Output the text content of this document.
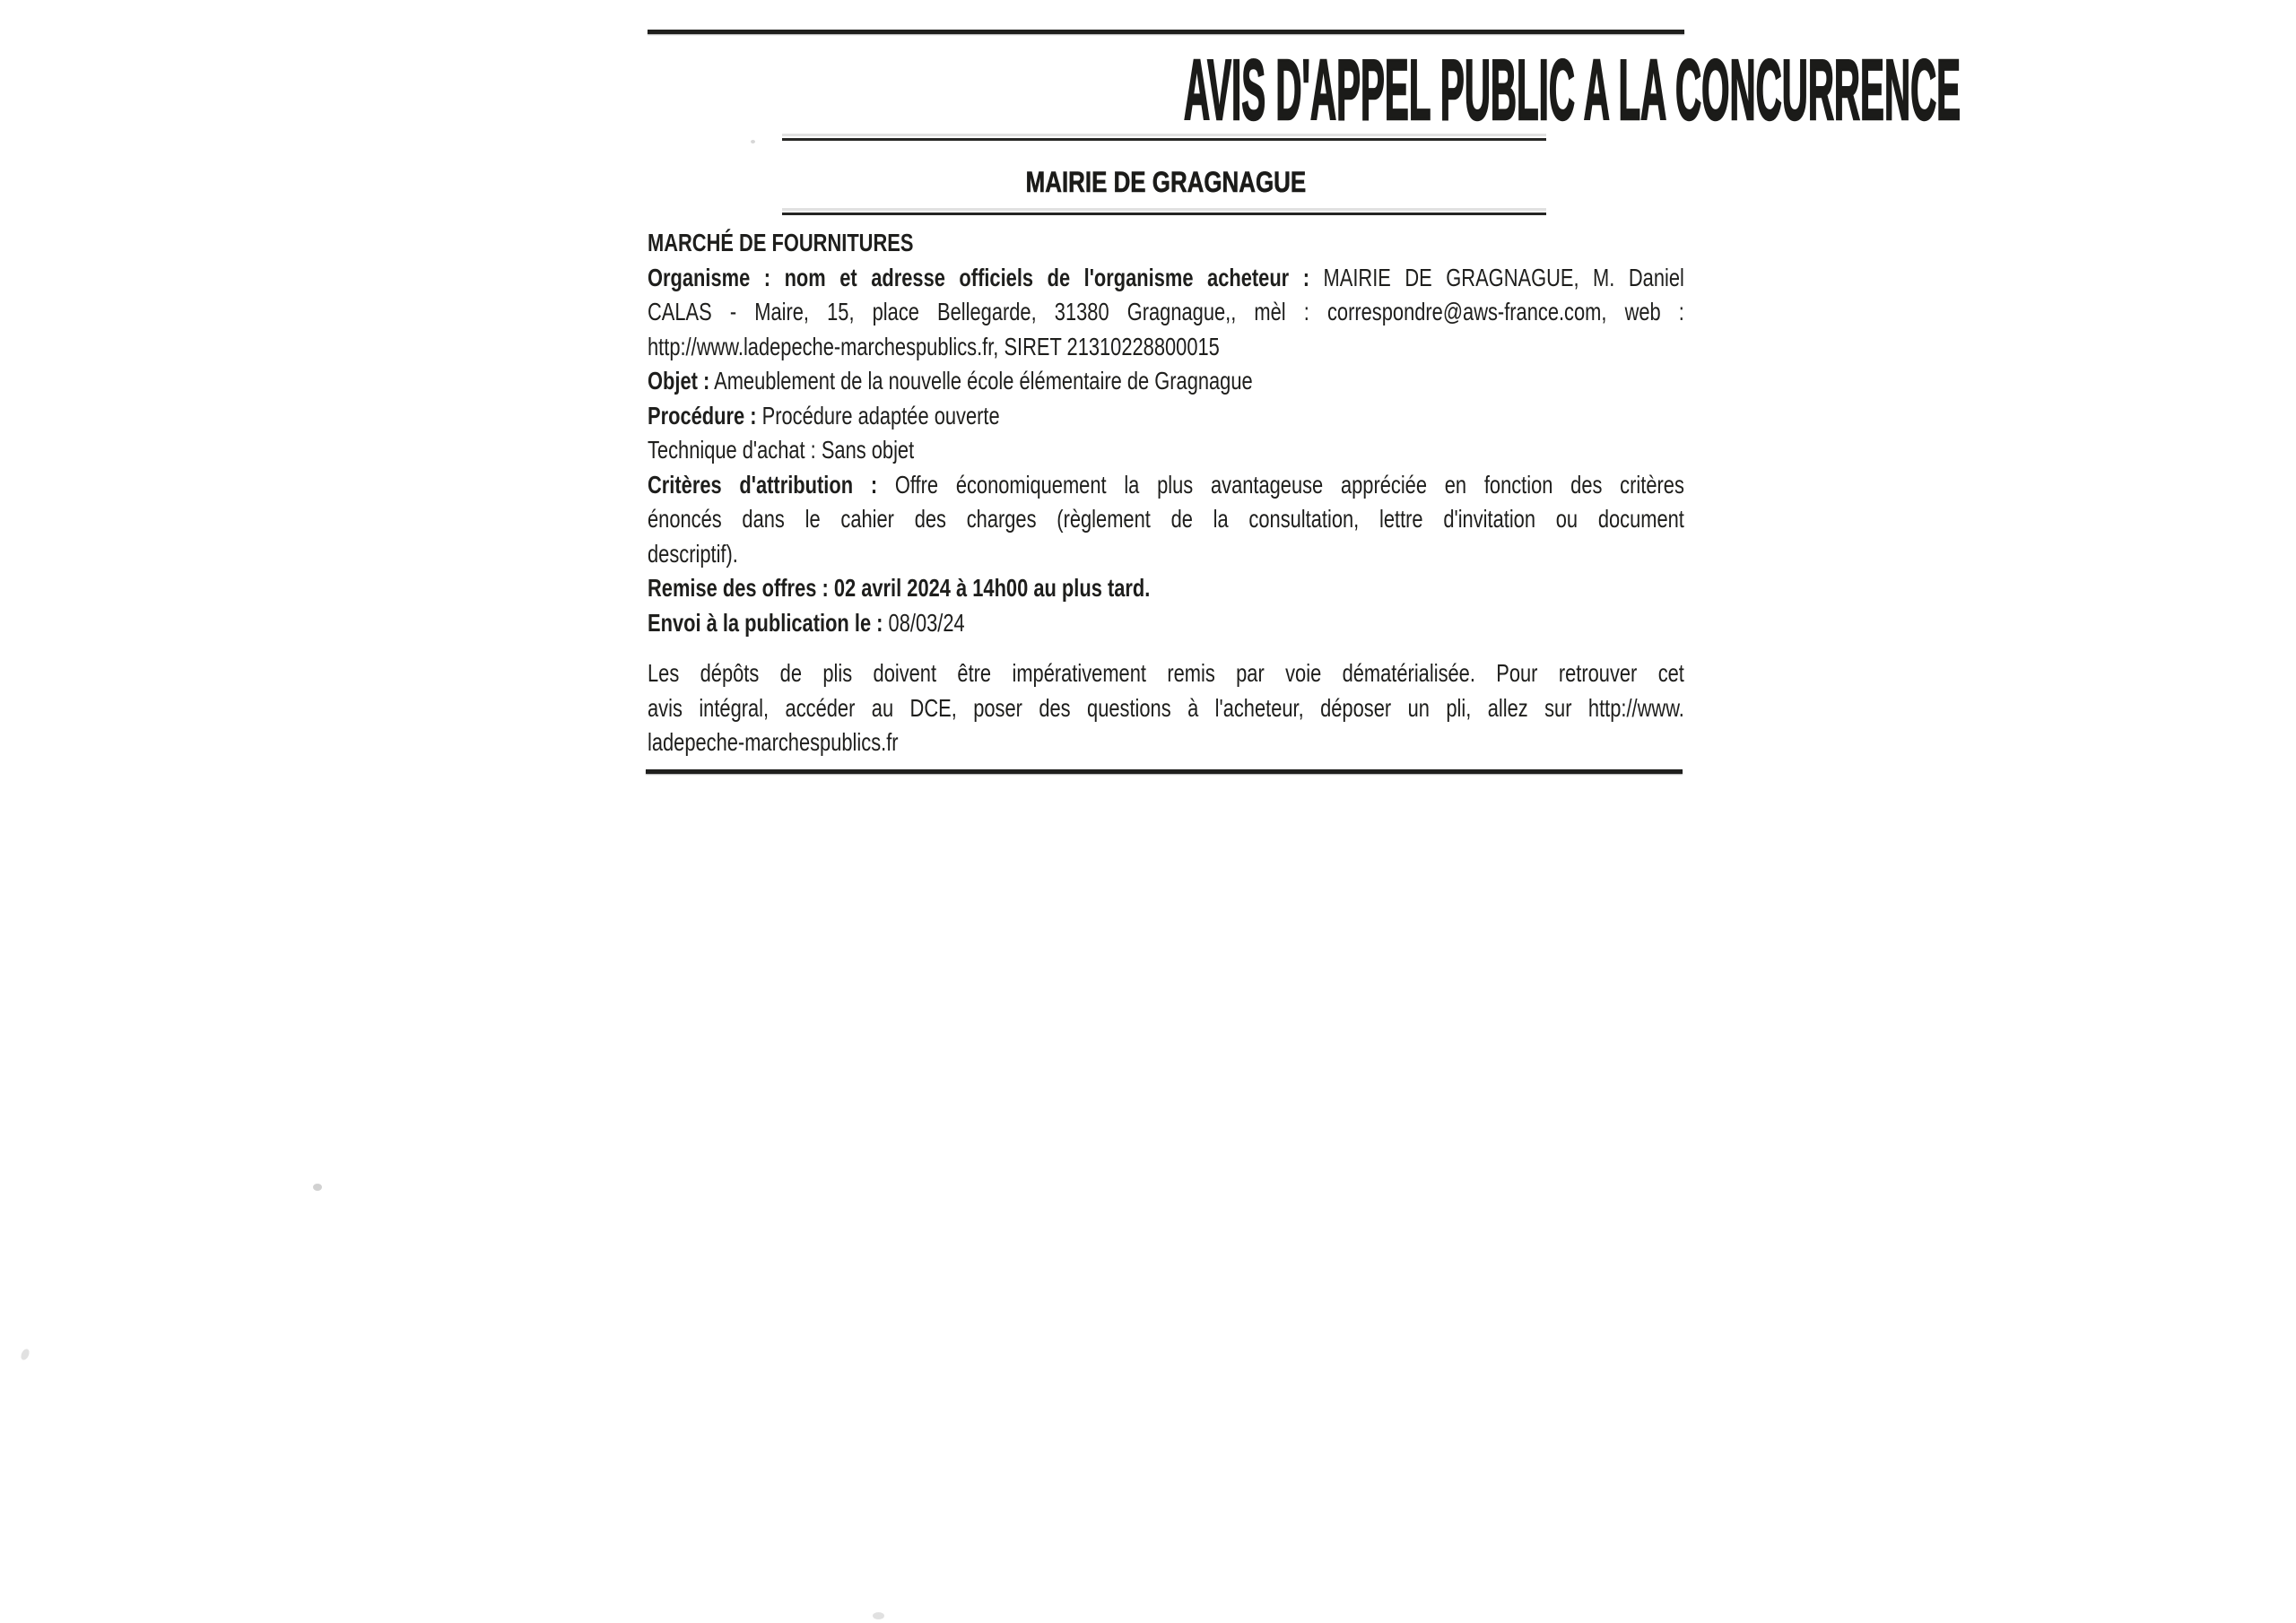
AVIS D'APPEL PUBLIC A LA CONCURRENCE
MAIRIE DE GRAGNAGUE
MARCHÉ DE FOURNITURES
Organisme : nom et adresse officiels de l'organisme acheteur : MAIRIE DE GRAGNAGUE, M. Daniel
CALAS - Maire, 15, place Bellegarde, 31380 Gragnague,, mèl : correspondre@aws-france.com, web :
http://www.ladepeche-marchespublics.fr, SIRET 21310228800015
Objet : Ameublement de la nouvelle école élémentaire de Gragnague
Procédure : Procédure adaptée ouverte
Technique d'achat : Sans objet
Critères d'attribution : Offre économiquement la plus avantageuse appréciée en fonction des critères
énoncés dans le cahier des charges (règlement de la consultation, lettre d'invitation ou document
descriptif).
Remise des offres : 02 avril 2024 à 14h00 au plus tard.
Envoi à la publication le : 08/03/24
Les dépôts de plis doivent être impérativement remis par voie dématérialisée. Pour retrouver cet
avis intégral, accéder au DCE, poser des questions à l'acheteur, déposer un pli, allez sur http://www.
ladepeche-marchespublics.fr
